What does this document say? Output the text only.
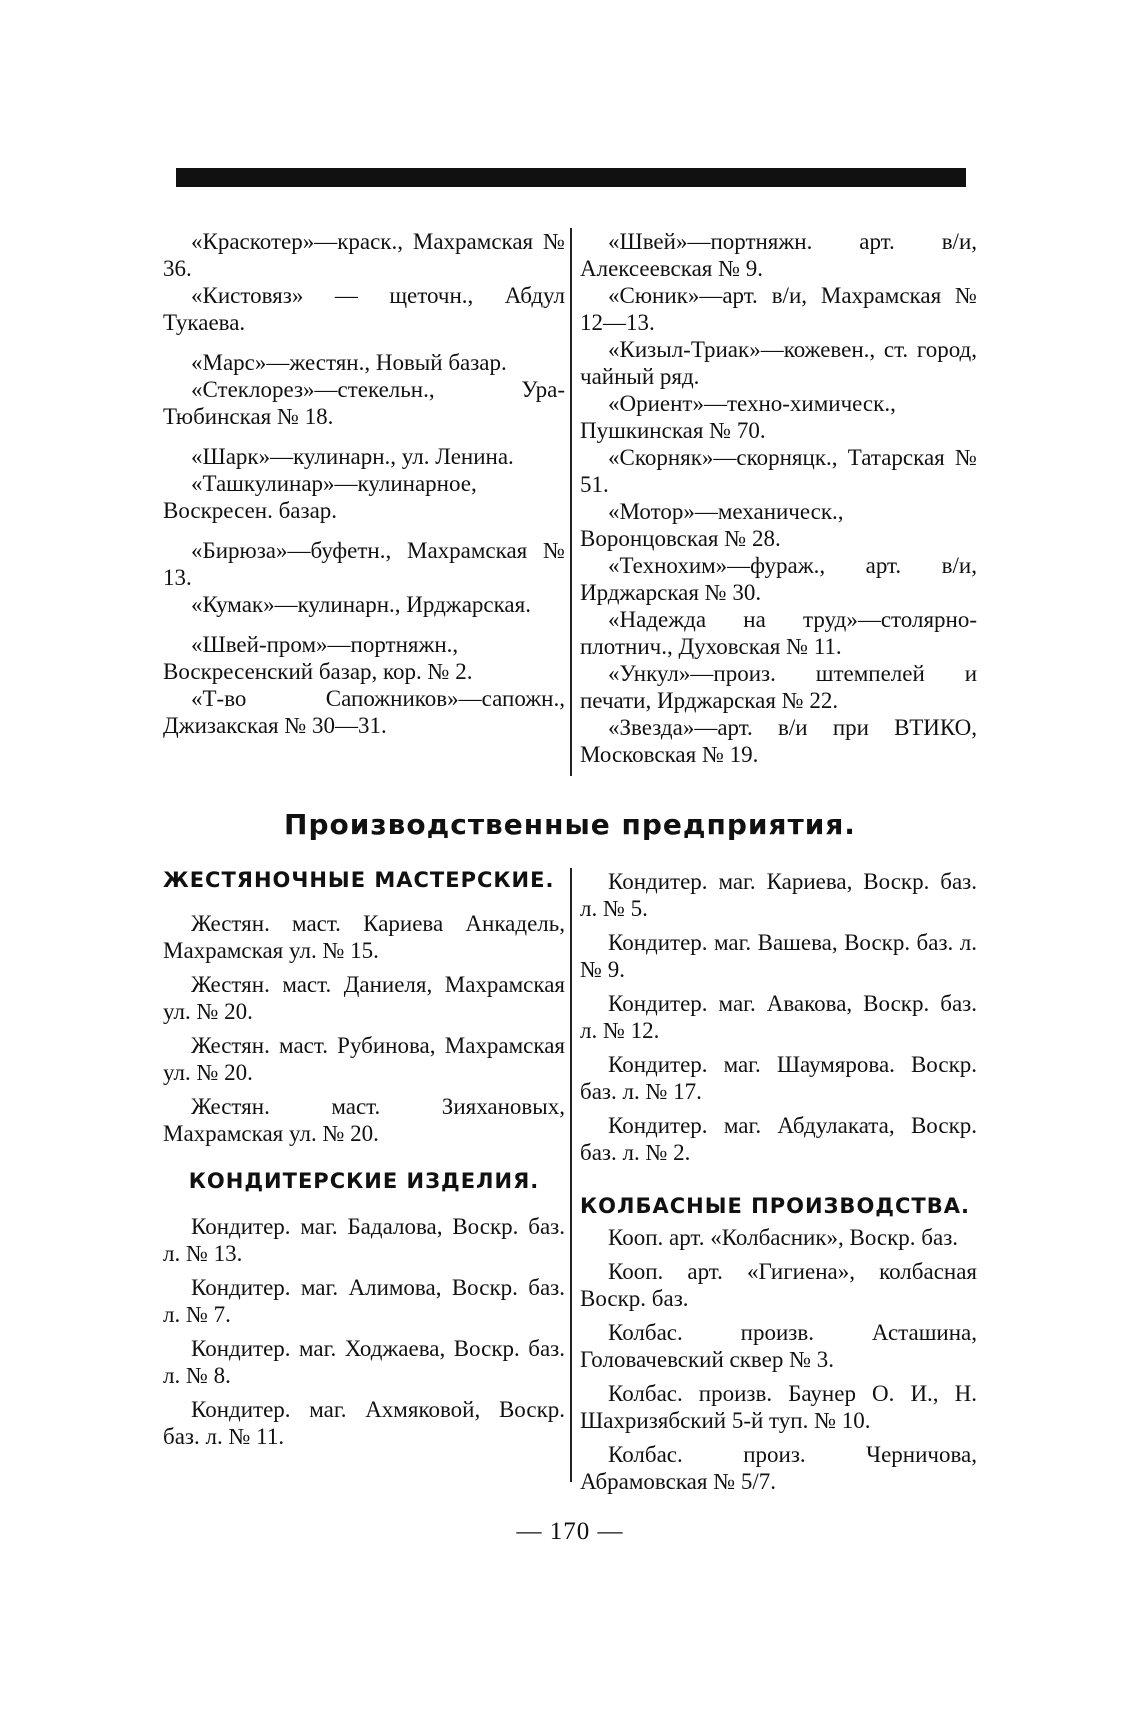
«Краскотер»—краск., Махрамская № 36.

«Кистовяз» — щеточн., Абдул Тукаева.

«Марс»—жестян., Новый базар.

«Стеклорез»—стекельн., Ура-Тюбинская № 18.

«Шарк»—кулинарн., ул. Ленина.

«Ташкулинар»—кулинарное, Воскресен. базар.

«Бирюза»—буфетн., Махрамская № 13.

«Кумак»—кулинарн., Ирджарская.

«Швей-пром»—портняжн., Воскресенский базар, кор. № 2.

«Т-во Сапожников»—сапожн., Джизакская № 30—31.

«Швей»—портняжн. арт. в/и, Алексеевская № 9.

«Сюник»—арт. в/и, Махрамская № 12—13.

«Кизыл-Триак»—кожевен., ст. город, чайный ряд.

«Ориент»—техно-химическ., Пушкинская № 70.

«Скорняк»—скорняцк., Татарская № 51.

«Мотор»—механическ., Воронцовская № 28.

«Технохим»—фураж., арт. в/и, Ирджарская № 30.

«Надежда на труд»—столярно-плотнич., Духовская № 11.

«Ункул»—произ. штемпелей и печати, Ирджарская № 22.

«Звезда»—арт. в/и при ВТИКО, Московская № 19.

Производственные предприятия.
ЖЕСТЯНОЧНЫЕ МАСТЕРСКИЕ.

Жестян. маст. Кариева Анкадель, Махрамская ул. № 15.

Жестян. маст. Даниеля, Махрамская ул. № 20.

Жестян. маст. Рубинова, Махрамская ул. № 20.

Жестян. маст. Зияхановых, Махрамская ул. № 20.

КОНДИТЕРСКИЕ ИЗДЕЛИЯ.

Кондитер. маг. Бадалова, Воскр. баз. л. № 13.

Кондитер. маг. Алимова, Воскр. баз. л. № 7.

Кондитер. маг. Ходжаева, Воскр. баз. л. № 8.

Кондитер. маг. Ахмяковой, Воскр. баз. л. № 11.

Кондитер. маг. Кариева, Воскр. баз. л. № 5.

Кондитер. маг. Вашева, Воскр. баз. л. № 9.

Кондитер. маг. Авакова, Воскр. баз. л. № 12.

Кондитер. маг. Шаумярова. Воскр. баз. л. № 17.

Кондитер. маг. Абдулаката, Воскр. баз. л. № 2.

КОЛБАСНЫЕ ПРОИЗВОДСТВА.

Кооп. арт. «Колбасник», Воскр. баз.

Кооп. арт. «Гигиена», колбасная Воскр. баз.

Колбас. произв. Асташина, Головачевский сквер № 3.

Колбас. произв. Баунер О. И., Н. Шахризябский 5-й туп. № 10.

Колбас. произ. Черничова, Абрамовская № 5/7.

— 170 —
